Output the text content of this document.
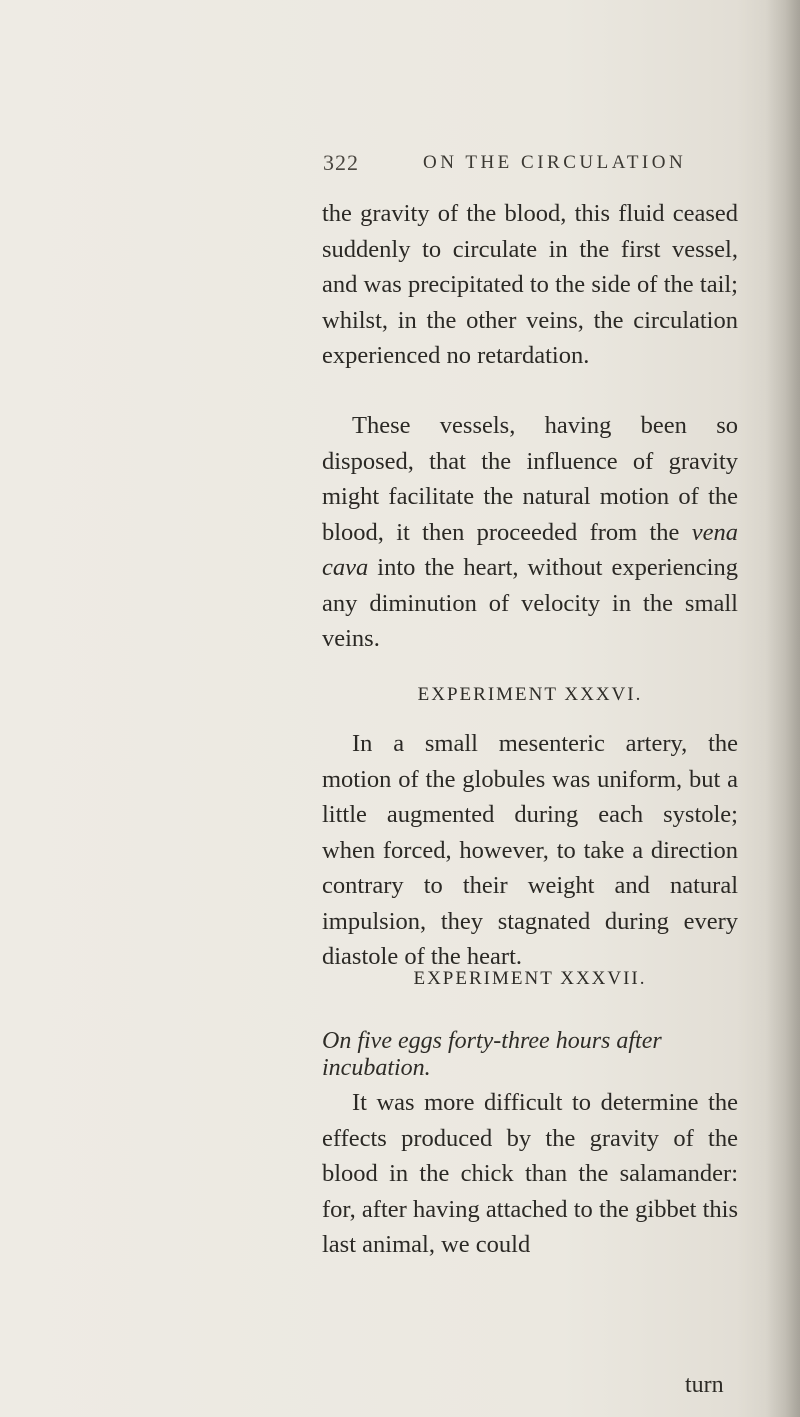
322	ON THE CIRCULATION

the gravity of the blood, this fluid ceased suddenly to circulate in the first vessel, and was precipitated to the side of the tail; whilst, in the other veins, the circulation experienced no retardation.

These vessels, having been so disposed, that the influence of gravity might facilitate the natural motion of the blood, it then proceeded from the vena cava into the heart, without experiencing any diminution of velocity in the small veins.

EXPERIMENT XXXVI.

In a small mesenteric artery, the motion of the globules was uniform, but a little augmented during each systole; when forced, however, to take a direction contrary to their weight and natural impulsion, they stagnated during every diastole of the heart.

EXPERIMENT XXXVII.
On five eggs forty-three hours after incubation.

It was more difficult to determine the effects produced by the gravity of the blood in the chick than the salamander: for, after having attached to the gibbet this last animal, we could

turn
